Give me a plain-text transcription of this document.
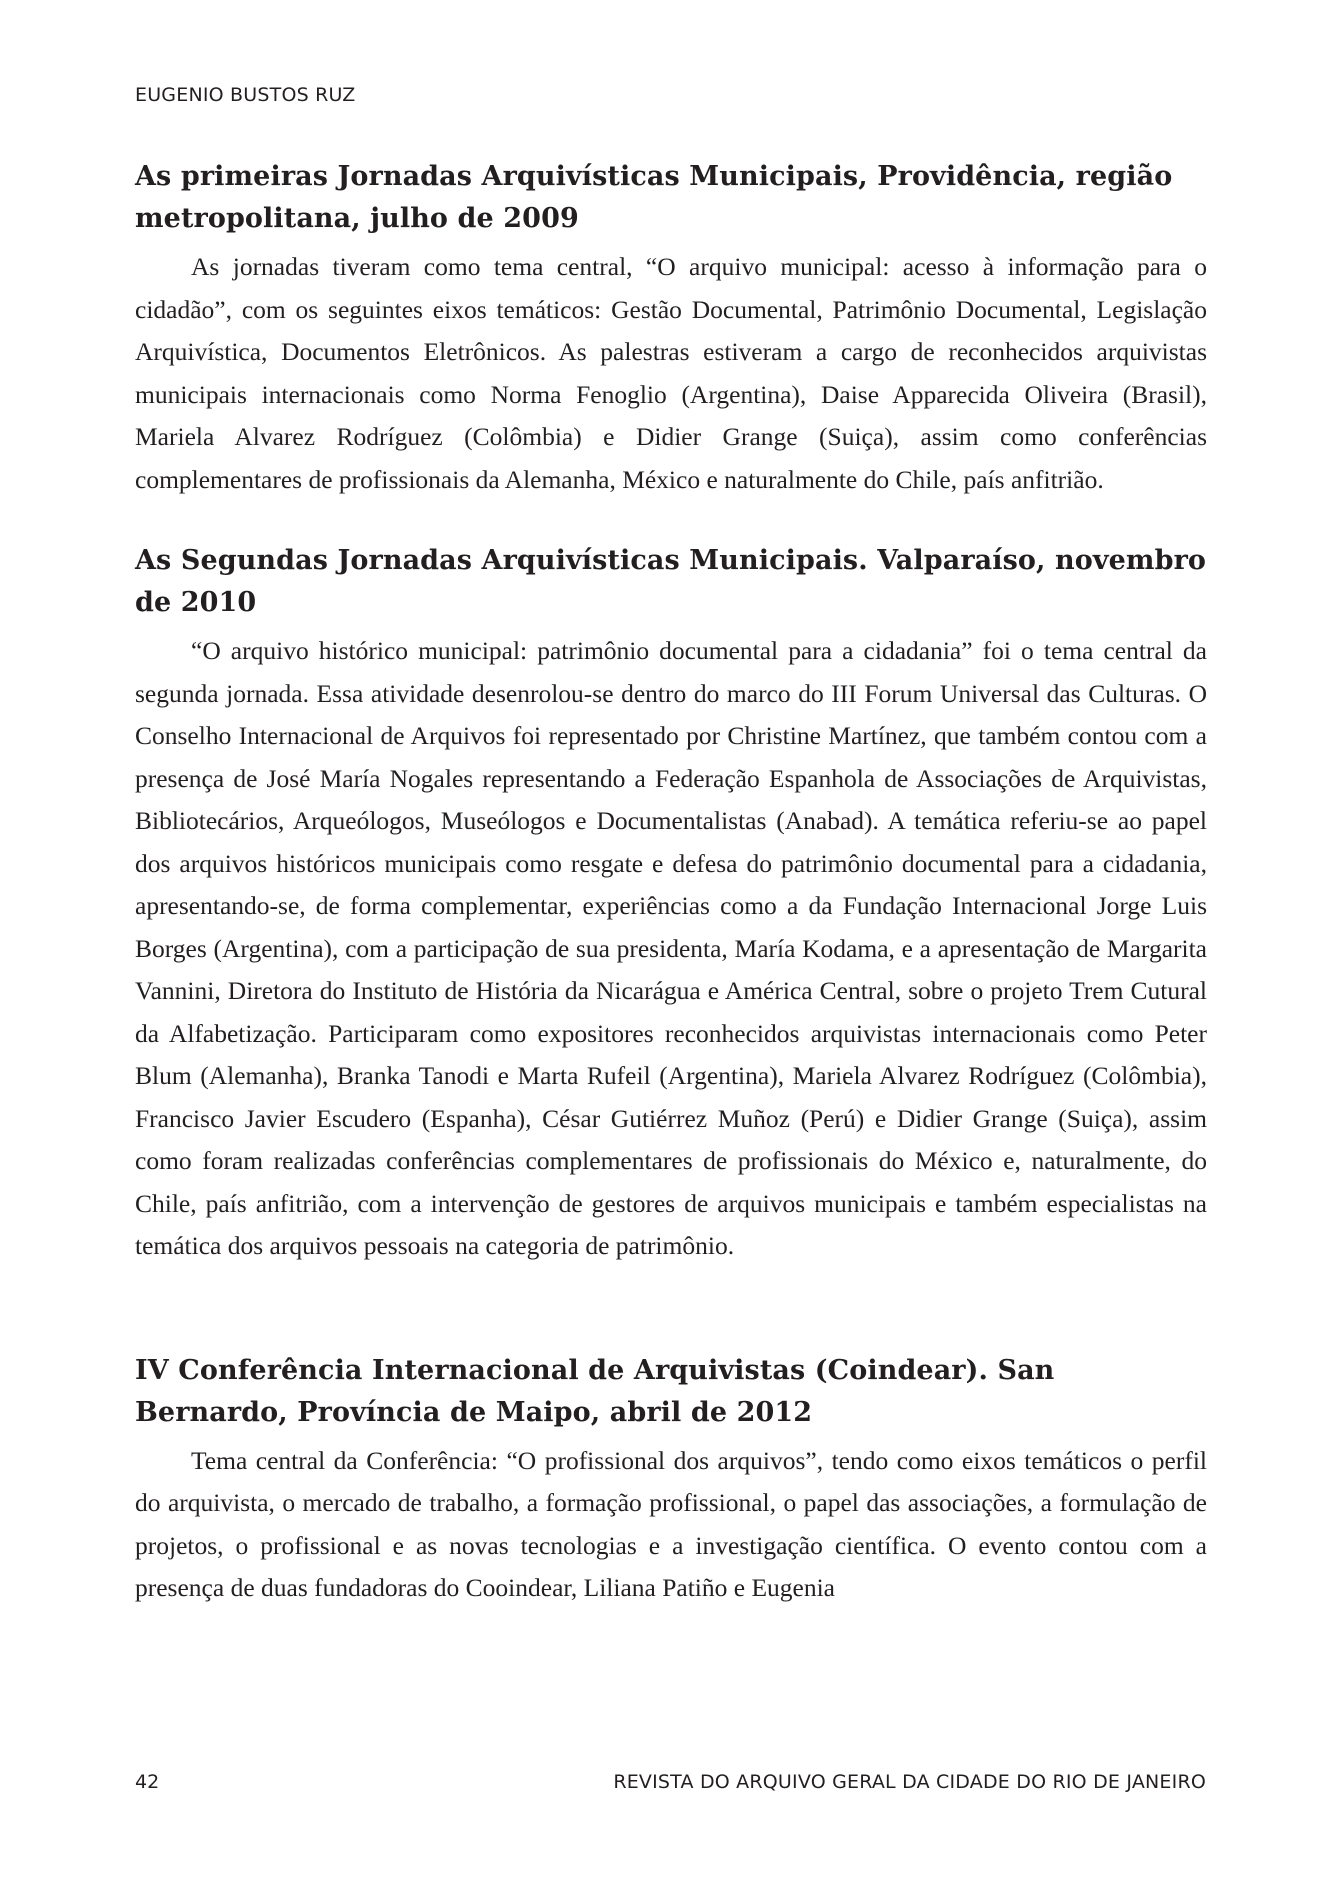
EUGENIO BUSTOS RUZ
As primeiras Jornadas Arquivísticas Municipais, Providência, região metropolitana, julho de 2009

As jornadas tiveram como tema central, “O arquivo municipal: acesso à informação para o cidadão”, com os seguintes eixos temáticos: Gestão Documental, Patrimônio Documental, Legislação Arquivística, Documentos Eletrônicos. As palestras estiveram a cargo de reconhecidos arquivistas municipais internacionais como Norma Fenoglio (Argentina), Daise Apparecida Oliveira (Brasil), Mariela Alvarez Rodríguez (Colômbia) e Didier Grange (Suiça), assim como conferências complementares de profissionais da Alemanha, México e naturalmente do Chile, país anfitrião.

As Segundas Jornadas Arquivísticas Municipais. Valparaíso, novembro de 2010

“O arquivo histórico municipal: patrimônio documental para a cidadania” foi o tema central da segunda jornada. Essa atividade desenrolou-se dentro do marco do III Forum Universal das Culturas. O Conselho Internacional de Arquivos foi representado por Christine Martínez, que também contou com a presença de José María Nogales representando a Federação Espanhola de Associações de Arquivistas, Bibliotecários, Arqueólogos, Museólogos e Documentalistas (Anabad). A temática referiu-se ao papel dos arquivos históricos municipais como resgate e defesa do patrimônio documental para a cidadania, apresentando-se, de forma complementar, experiências como a da Fundação Internacional Jorge Luis Borges (Argentina), com a participação de sua presidenta, María Kodama, e a apresentação de Margarita Vannini, Diretora do Instituto de História da Nicarágua e América Central, sobre o projeto Trem Cutural da Alfabetização. Participaram como expositores reconhecidos arquivistas internacionais como Peter Blum (Alemanha), Branka Tanodi e Marta Rufeil (Argentina), Mariela Alvarez Rodríguez (Colômbia), Francisco Javier Escudero (Espanha), César Gutiérrez Muñoz (Perú) e Didier Grange (Suiça), assim como foram realizadas conferências complementares de profissionais do México e, naturalmente, do Chile, país anfitrião, com a intervenção de gestores de arquivos municipais e também especialistas na temática dos arquivos pessoais na categoria de patrimônio.

IV Conferência Internacional de Arquivistas (Coindear). San Bernardo, Província de Maipo, abril de 2012

Tema central da Conferência: “O profissional dos arquivos”, tendo como eixos temáticos o perfil do arquivista, o mercado de trabalho, a formação profissional, o papel das associações, a formulação de projetos, o profissional e as novas tecnologias e a investigação científica. O evento contou com a presença de duas fundadoras do Cooindear, Liliana Patiño e Eugenia

42	REVISTA DO ARQUIVO GERAL DA CIDADE DO RIO DE JANEIRO
